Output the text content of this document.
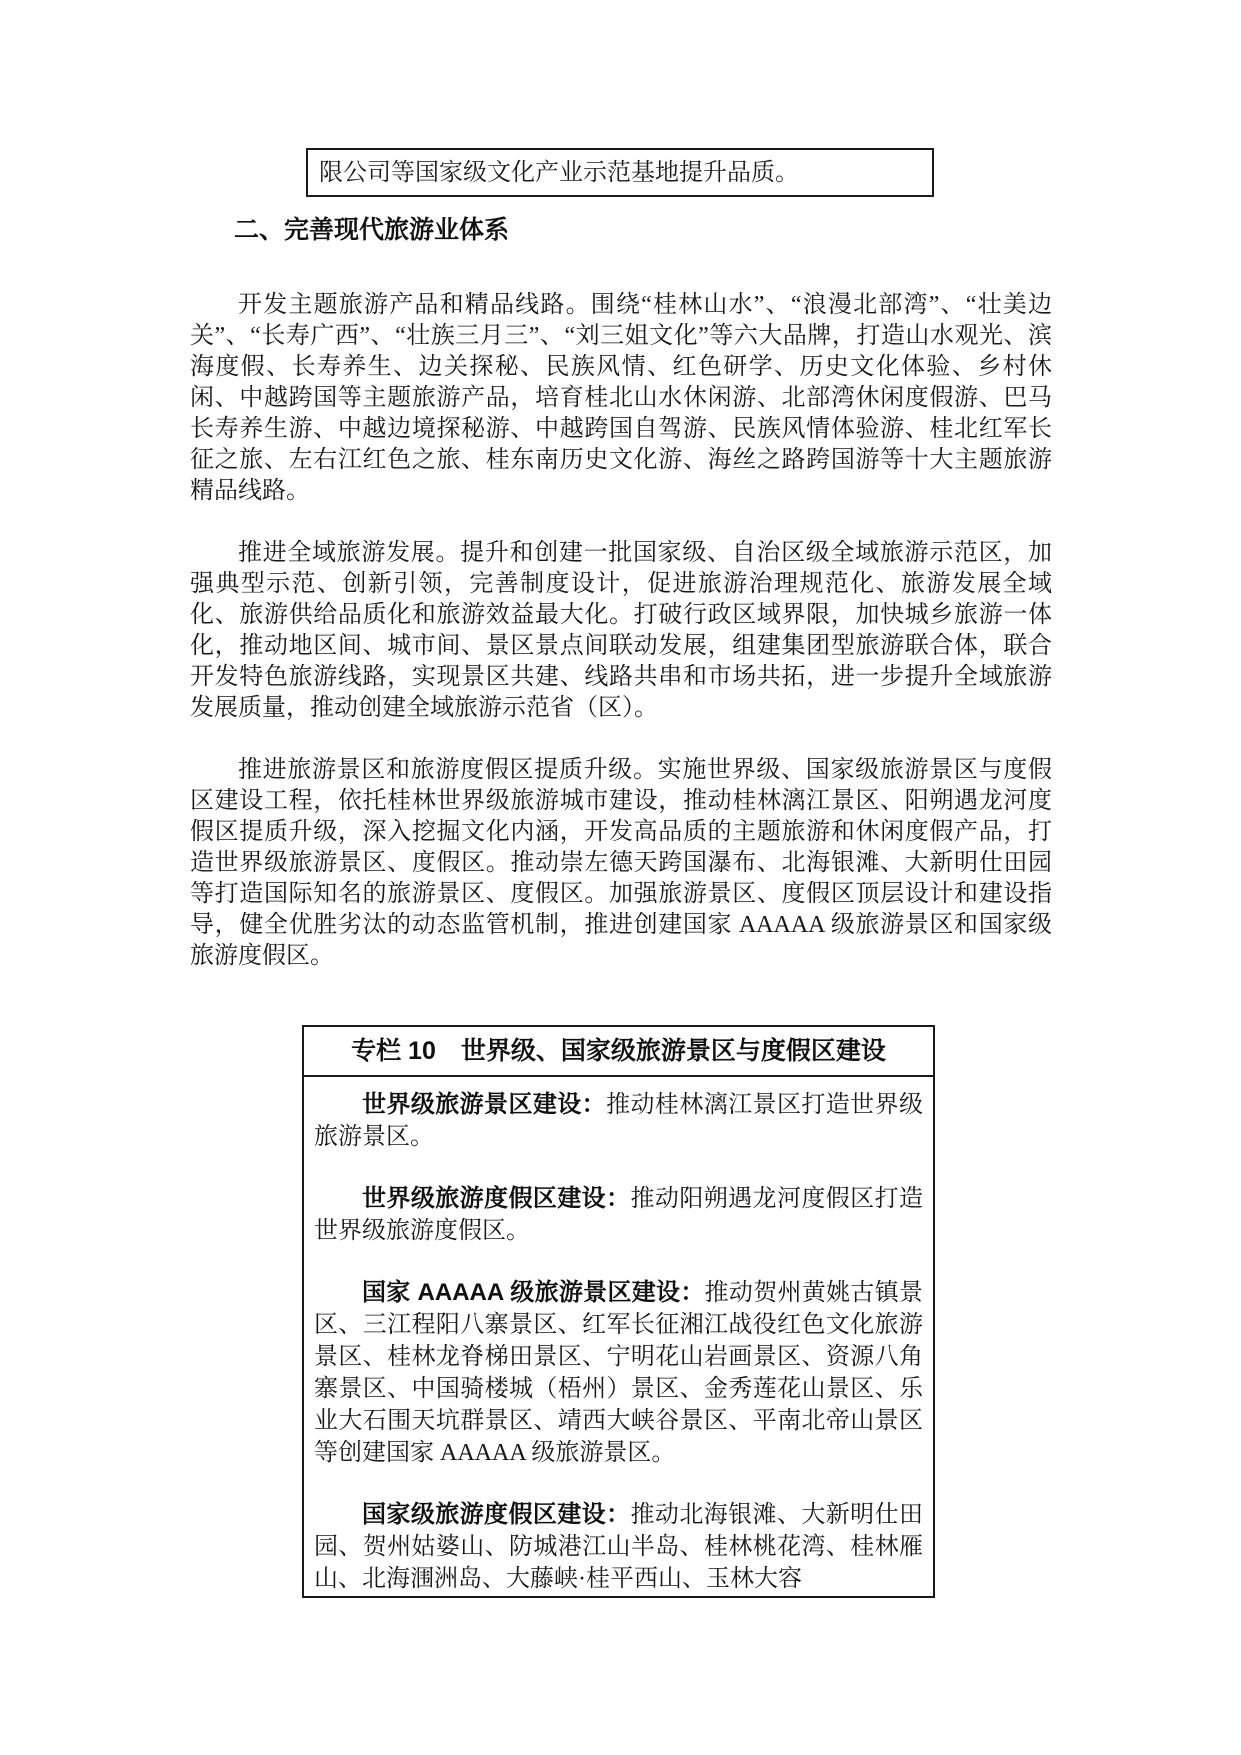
限公司等国家级文化产业示范基地提升品质。
二、完善现代旅游业体系

开发主题旅游产品和精品线路。围绕“桂林山水”、“浪漫北部湾”、“壮美边关”、“长寿广西”、“壮族三月三”、“刘三姐文化”等六大品牌，打造山水观光、滨海度假、长寿养生、边关探秘、民族风情、红色研学、历史文化体验、乡村休闲、中越跨国等主题旅游产品，培育桂北山水休闲游、北部湾休闲度假游、巴马长寿养生游、中越边境探秘游、中越跨国自驾游、民族风情体验游、桂北红军长征之旅、左右江红色之旅、桂东南历史文化游、海丝之路跨国游等十大主题旅游精品线路。

推进全域旅游发展。提升和创建一批国家级、自治区级全域旅游示范区，加强典型示范、创新引领，完善制度设计，促进旅游治理规范化、旅游发展全域化、旅游供给品质化和旅游效益最大化。打破行政区域界限，加快城乡旅游一体化，推动地区间、城市间、景区景点间联动发展，组建集团型旅游联合体，联合开发特色旅游线路，实现景区共建、线路共串和市场共拓，进一步提升全域旅游发展质量，推动创建全域旅游示范省（区）。

推进旅游景区和旅游度假区提质升级。实施世界级、国家级旅游景区与度假区建设工程，依托桂林世界级旅游城市建设，推动桂林漓江景区、阳朔遇龙河度假区提质升级，深入挖掘文化内涵，开发高品质的主题旅游和休闲度假产品，打造世界级旅游景区、度假区。推动崇左德天跨国瀑布、北海银滩、大新明仕田园等打造国际知名的旅游景区、度假区。加强旅游景区、度假区顶层设计和建设指导，健全优胜劣汰的动态监管机制，推进创建国家 AAAAA 级旅游景区和国家级旅游度假区。

专栏 10　世界级、国家级旅游景区与度假区建设

世界级旅游景区建设：推动桂林漓江景区打造世界级旅游景区。

世界级旅游度假区建设：推动阳朔遇龙河度假区打造世界级旅游度假区。

国家 AAAAA 级旅游景区建设：推动贺州黄姚古镇景区、三江程阳八寨景区、红军长征湘江战役红色文化旅游景区、桂林龙脊梯田景区、宁明花山岩画景区、资源八角寨景区、中国骑楼城（梧州）景区、金秀莲花山景区、乐业大石围天坑群景区、靖西大峡谷景区、平南北帝山景区等创建国家 AAAAA 级旅游景区。

国家级旅游度假区建设：推动北海银滩、大新明仕田园、贺州姑婆山、防城港江山半岛、桂林桃花湾、桂林雁山、北海涠洲岛、大藤峡·桂平西山、玉林大容
